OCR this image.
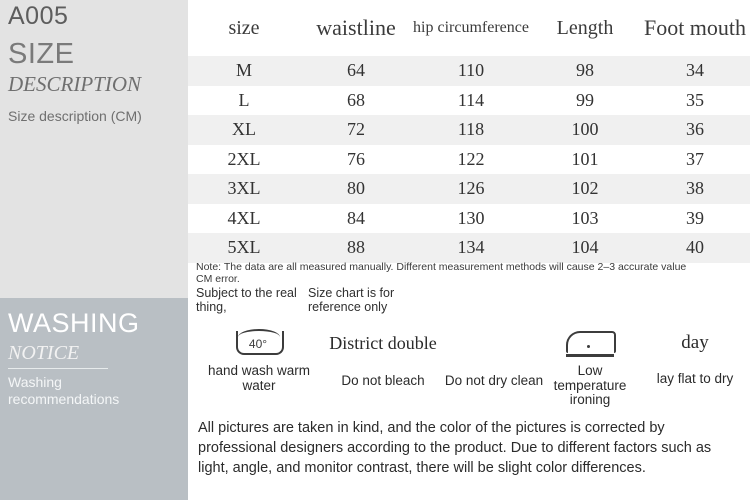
A005
SIZE
DESCRIPTION
Size description (CM)
WASHING
NOTICE
Washing recommendations
size	waistline	hip circumference	Length	Foot mouth
M	64	110	98	34
L	68	114	99	35
XL	72	118	100	36
2XL	76	122	101	37
3XL	80	126	102	38
4XL	84	130	103	39
5XL	88	134	104	40
Note: The data are all measured manually. Different measurement methods will cause 2–3 accurate value CM error.
Subject to the real thing,
Size chart is for reference only
40°
hand wash warm water
District double
Do not bleach	Do not dry clean
Low temperature ironing
day
lay flat to dry
All pictures are taken in kind, and the color of the pictures is corrected by professional designers according to the product. Due to different factors such as light, angle, and monitor contrast, there will be slight color differences.
